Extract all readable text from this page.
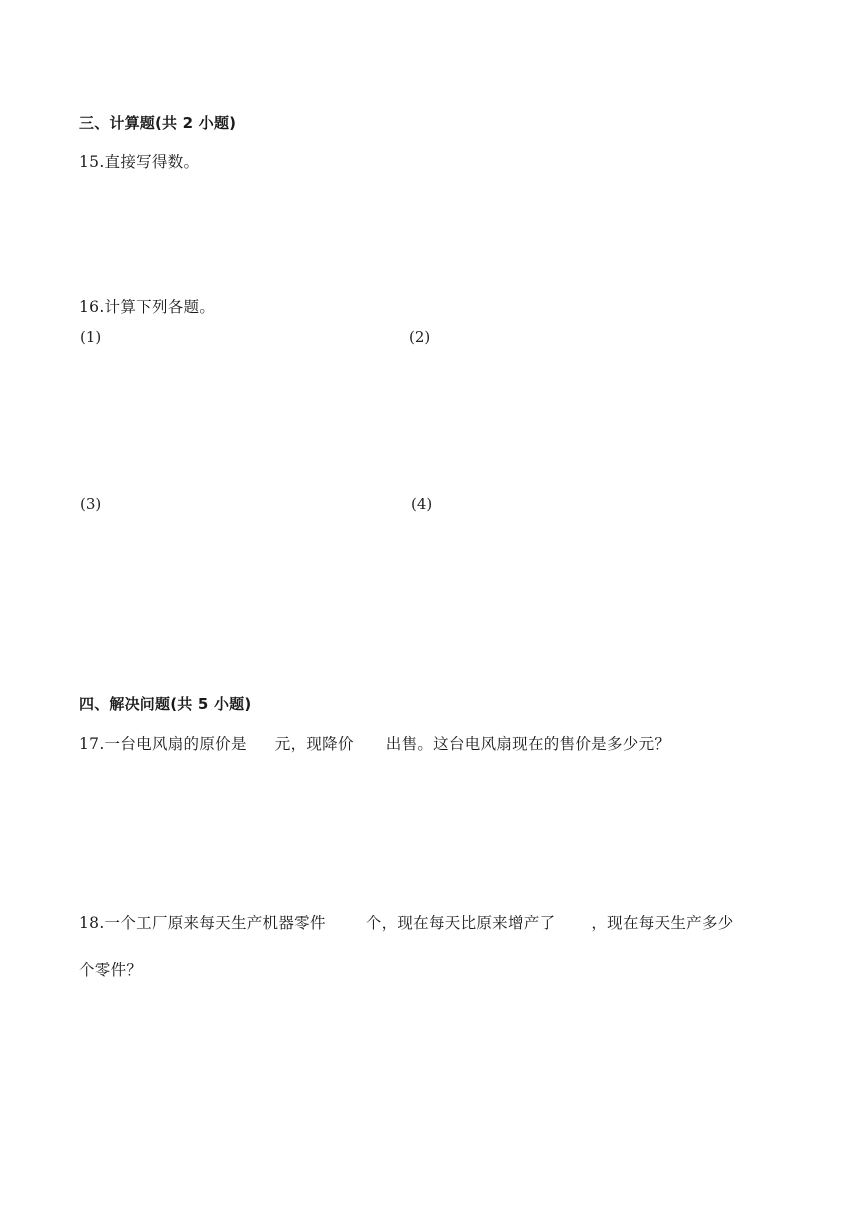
三、计算题(共 2 小题)
15.直接写得数。
16.计算下列各题。
(1)	(2)
(3)	(4)
四、解决问题(共 5 小题)
17.一台电风扇的原价是 元，现降价 出售。这台电风扇现在的售价是多少元？
18.一个工厂原来每天生产机器零件	个，现在每天比原来增产了 ，现在每天生产多少
个零件？
